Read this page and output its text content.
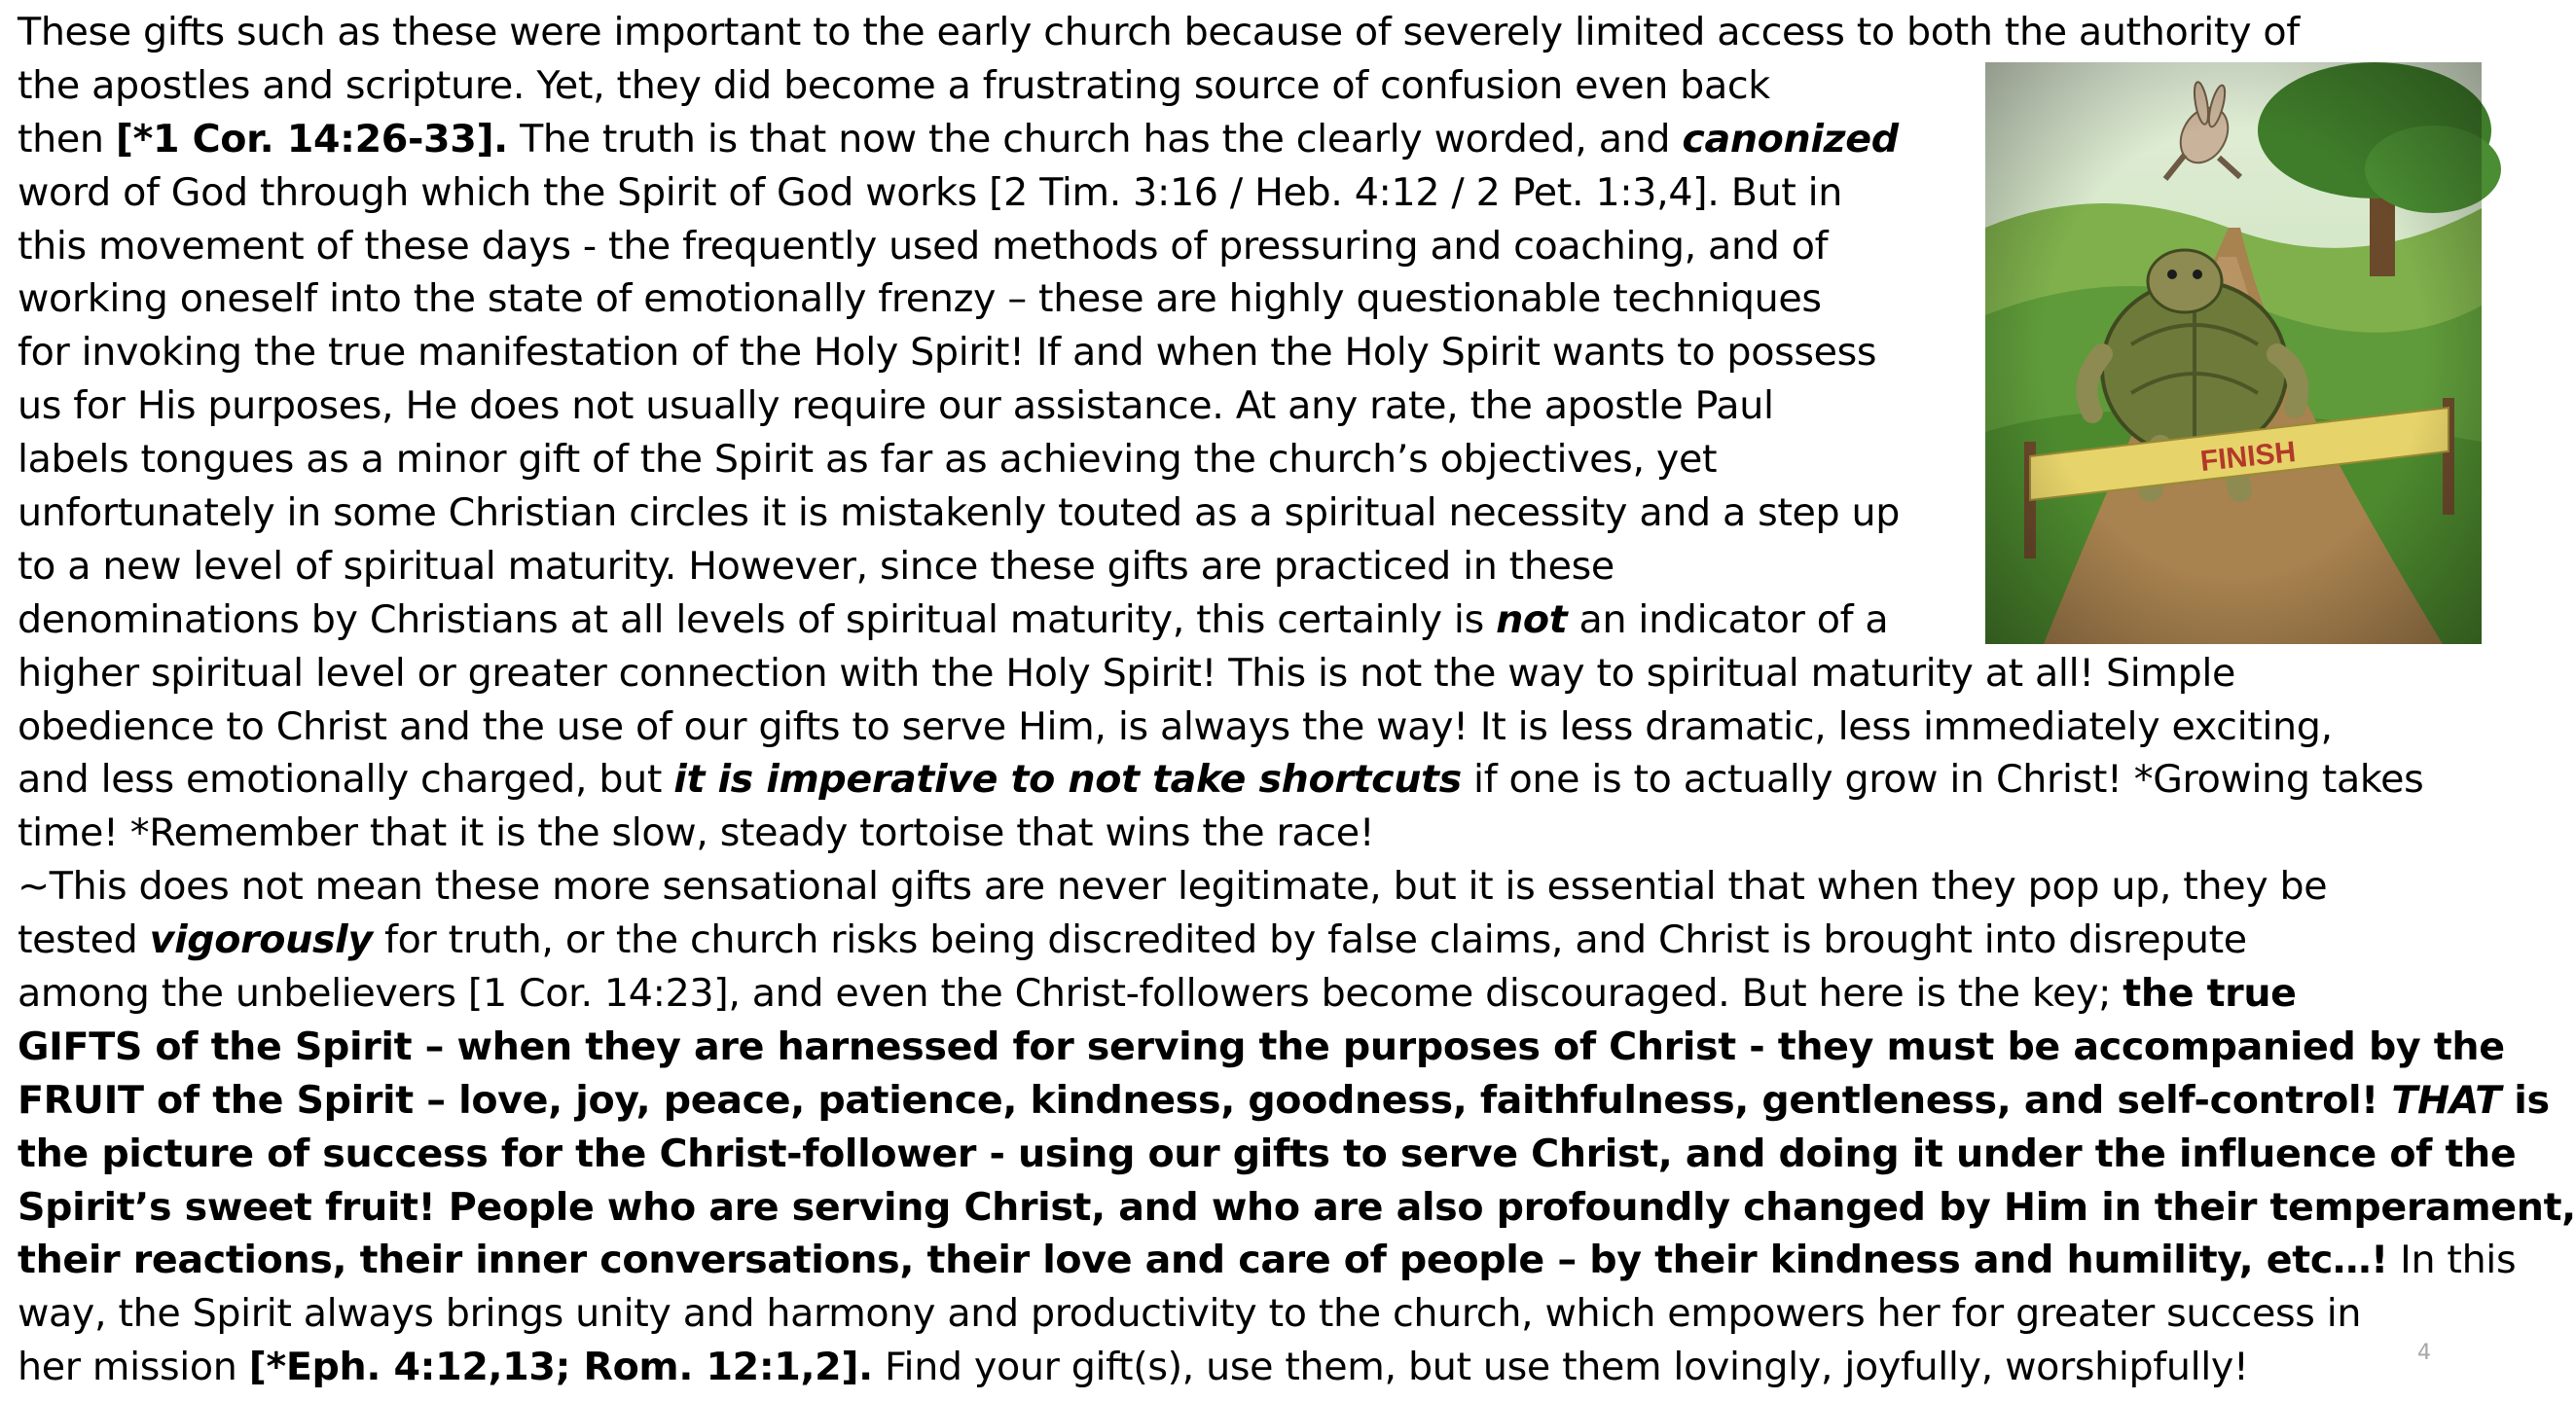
These gifts such as these were important to the early church because of severely limited access to both the authority of
the apostles and scripture. Yet, they did become a frustrating source of confusion even back
then [*1 Cor. 14:26-33]. The truth is that now the church has the clearly worded, and canonized
word of God through which the Spirit of God works [2 Tim. 3:16 / Heb. 4:12 / 2 Pet. 1:3,4]. But in
this movement of these days - the frequently used methods of pressuring and coaching, and of
working oneself into the state of emotionally frenzy – these are highly questionable techniques
for invoking the true manifestation of the Holy Spirit! If and when the Holy Spirit wants to possess
us for His purposes, He does not usually require our assistance. At any rate, the apostle Paul
labels tongues as a minor gift of the Spirit as far as achieving the church’s objectives, yet
unfortunately in some Christian circles it is mistakenly touted as a spiritual necessity and a step up
to a new level of spiritual maturity. However, since these gifts are practiced in these
denominations by Christians at all levels of spiritual maturity, this certainly is not an indicator of a
higher spiritual level or greater connection with the Holy Spirit! This is not the way to spiritual maturity at all! Simple
obedience to Christ and the use of our gifts to serve Him, is always the way! It is less dramatic, less immediately exciting,
and less emotionally charged, but it is imperative to not take shortcuts if one is to actually grow in Christ! *Growing takes
time! *Remember that it is the slow, steady tortoise that wins the race!
~This does not mean these more sensational gifts are never legitimate, but it is essential that when they pop up, they be
tested vigorously for truth, or the church risks being discredited by false claims, and Christ is brought into disrepute
among the unbelievers [1 Cor. 14:23], and even the Christ-followers become discouraged. But here is the key; the true
GIFTS of the Spirit – when they are harnessed for serving the purposes of Christ - they must be accompanied by the
FRUIT of the Spirit – love, joy, peace, patience, kindness, goodness, faithfulness, gentleness, and self-control! THAT is
the picture of success for the Christ-follower - using our gifts to serve Christ, and doing it under the influence of the
Spirit’s sweet fruit! People who are serving Christ, and who are also profoundly changed by Him in their temperament,
their reactions, their inner conversations, their love and care of people – by their kindness and humility, etc…! In this
way, the Spirit always brings unity and harmony and productivity to the church, which empowers her for greater success in
her mission [*Eph. 4:12,13; Rom. 12:1,2]. Find your gift(s), use them, but use them lovingly, joyfully, worshipfully!	4
